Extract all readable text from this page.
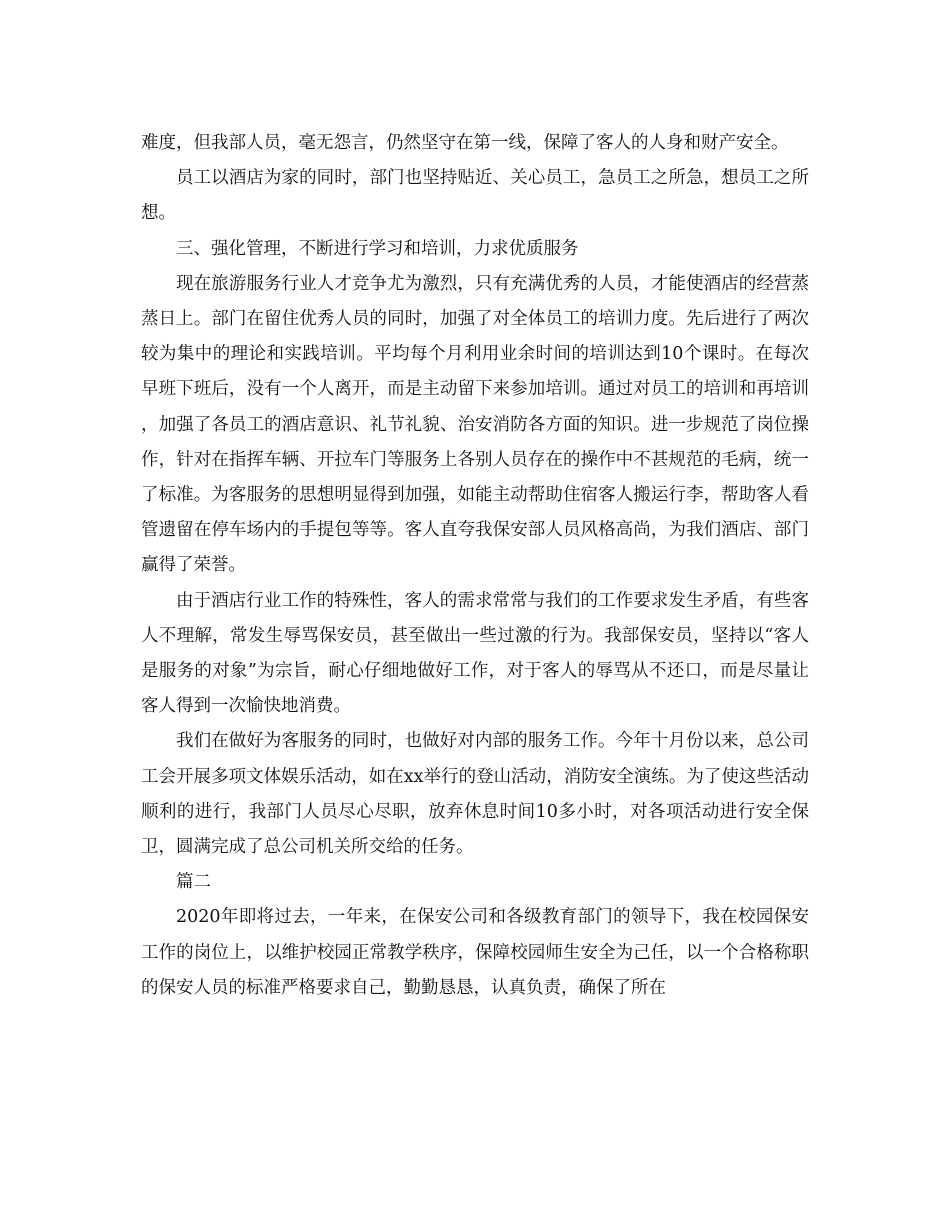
难度，但我部人员，毫无怨言，仍然坚守在第一线，保障了客人的人身和财产安全。

员工以酒店为家的同时，部门也坚持贴近、关心员工，急员工之所急，想员工之所想。

三、强化管理，不断进行学习和培训，力求优质服务

现在旅游服务行业人才竞争尤为激烈，只有充满优秀的人员，才能使酒店的经营蒸蒸日上。部门在留住优秀人员的同时，加强了对全体员工的培训力度。先后进行了两次较为集中的理论和实践培训。平均每个月利用业余时间的培训达到10个课时。在每次早班下班后，没有一个人离开，而是主动留下来参加培训。通过对员工的培训和再培训，加强了各员工的酒店意识、礼节礼貌、治安消防各方面的知识。进一步规范了岗位操作，针对在指挥车辆、开拉车门等服务上各别人员存在的操作中不甚规范的毛病，统一了标准。为客服务的思想明显得到加强，如能主动帮助住宿客人搬运行李，帮助客人看管遗留在停车场内的手提包等等。客人直夸我保安部人员风格高尚，为我们酒店、部门赢得了荣誉。

由于酒店行业工作的特殊性，客人的需求常常与我们的工作要求发生矛盾，有些客人不理解，常发生辱骂保安员，甚至做出一些过激的行为。我部保安员，坚持以“客人是服务的对象”为宗旨，耐心仔细地做好工作，对于客人的辱骂从不还口，而是尽量让客人得到一次愉快地消费。

我们在做好为客服务的同时，也做好对内部的服务工作。今年十月份以来，总公司工会开展多项文体娱乐活动，如在xx举行的登山活动，消防安全演练。为了使这些活动顺利的进行，我部门人员尽心尽职，放弃休息时间10多小时，对各项活动进行安全保卫，圆满完成了总公司机关所交给的任务。

篇二

2020年即将过去，一年来，在保安公司和各级教育部门的领导下，我在校园保安工作的岗位上，以维护校园正常教学秩序，保障校园师生安全为己任，以一个合格称职的保安人员的标准严格要求自己，勤勤恳恳，认真负责，确保了所在
